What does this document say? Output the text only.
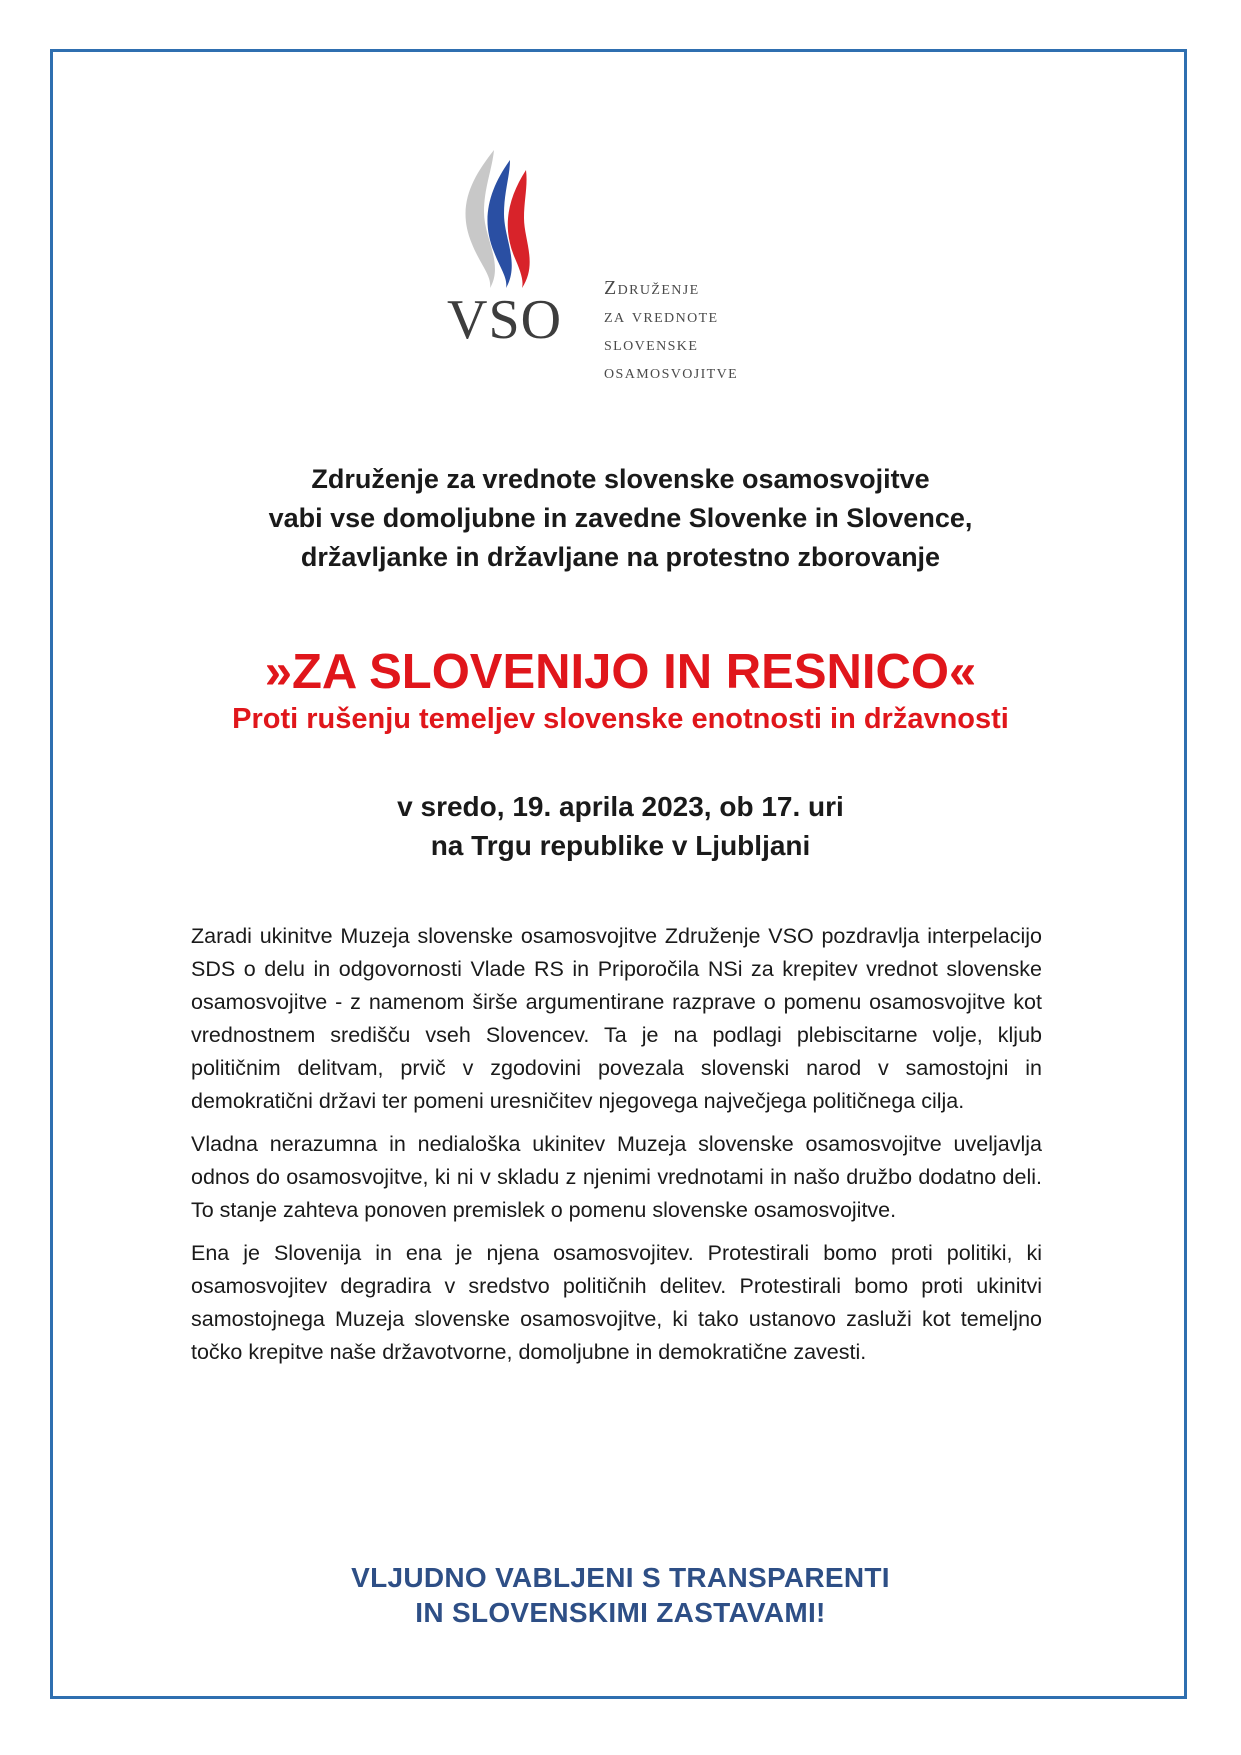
VSO
Združenje
za vrednote
slovenske
osamosvojitve
Združenje za vrednote slovenske osamosvojitve
vabi vse domoljubne in zavedne Slovenke in Slovence,
državljanke in državljane na protestno zborovanje
»ZA SLOVENIJO IN RESNICO«
Proti rušenju temeljev slovenske enotnosti in državnosti
v sredo, 19. aprila 2023, ob 17. uri
na Trgu republike v Ljubljani

Zaradi ukinitve Muzeja slovenske osamosvojitve Združenje VSO pozdravlja interpelacijo SDS o delu in odgovornosti Vlade RS in Priporočila NSi za krepitev vrednot slovenske osamosvojitve - z namenom širše argumentirane razprave o pomenu osamosvojitve kot vrednostnem središču vseh Slovencev. Ta je na podlagi plebiscitarne volje, kljub političnim delitvam, prvič v zgodovini povezala slovenski narod v samostojni in demokratični državi ter pomeni uresničitev njegovega največjega političnega cilja.

Vladna nerazumna in nedialoška ukinitev Muzeja slovenske osamosvojitve uveljavlja odnos do osamosvojitve, ki ni v skladu z njenimi vrednotami in našo družbo dodatno deli. To stanje zahteva ponoven premislek o pomenu slovenske osamosvojitve.

Ena je Slovenija in ena je njena osamosvojitev. Protestirali bomo proti politiki, ki osamosvojitev degradira v sredstvo političnih delitev. Protestirali bomo proti ukinitvi samostojnega Muzeja slovenske osamosvojitve, ki tako ustanovo zasluži kot temeljno točko krepitve naše državotvorne, domoljubne in demokratične zavesti.

VLJUDNO VABLJENI S TRANSPARENTI
IN SLOVENSKIMI ZASTAVAMI!
